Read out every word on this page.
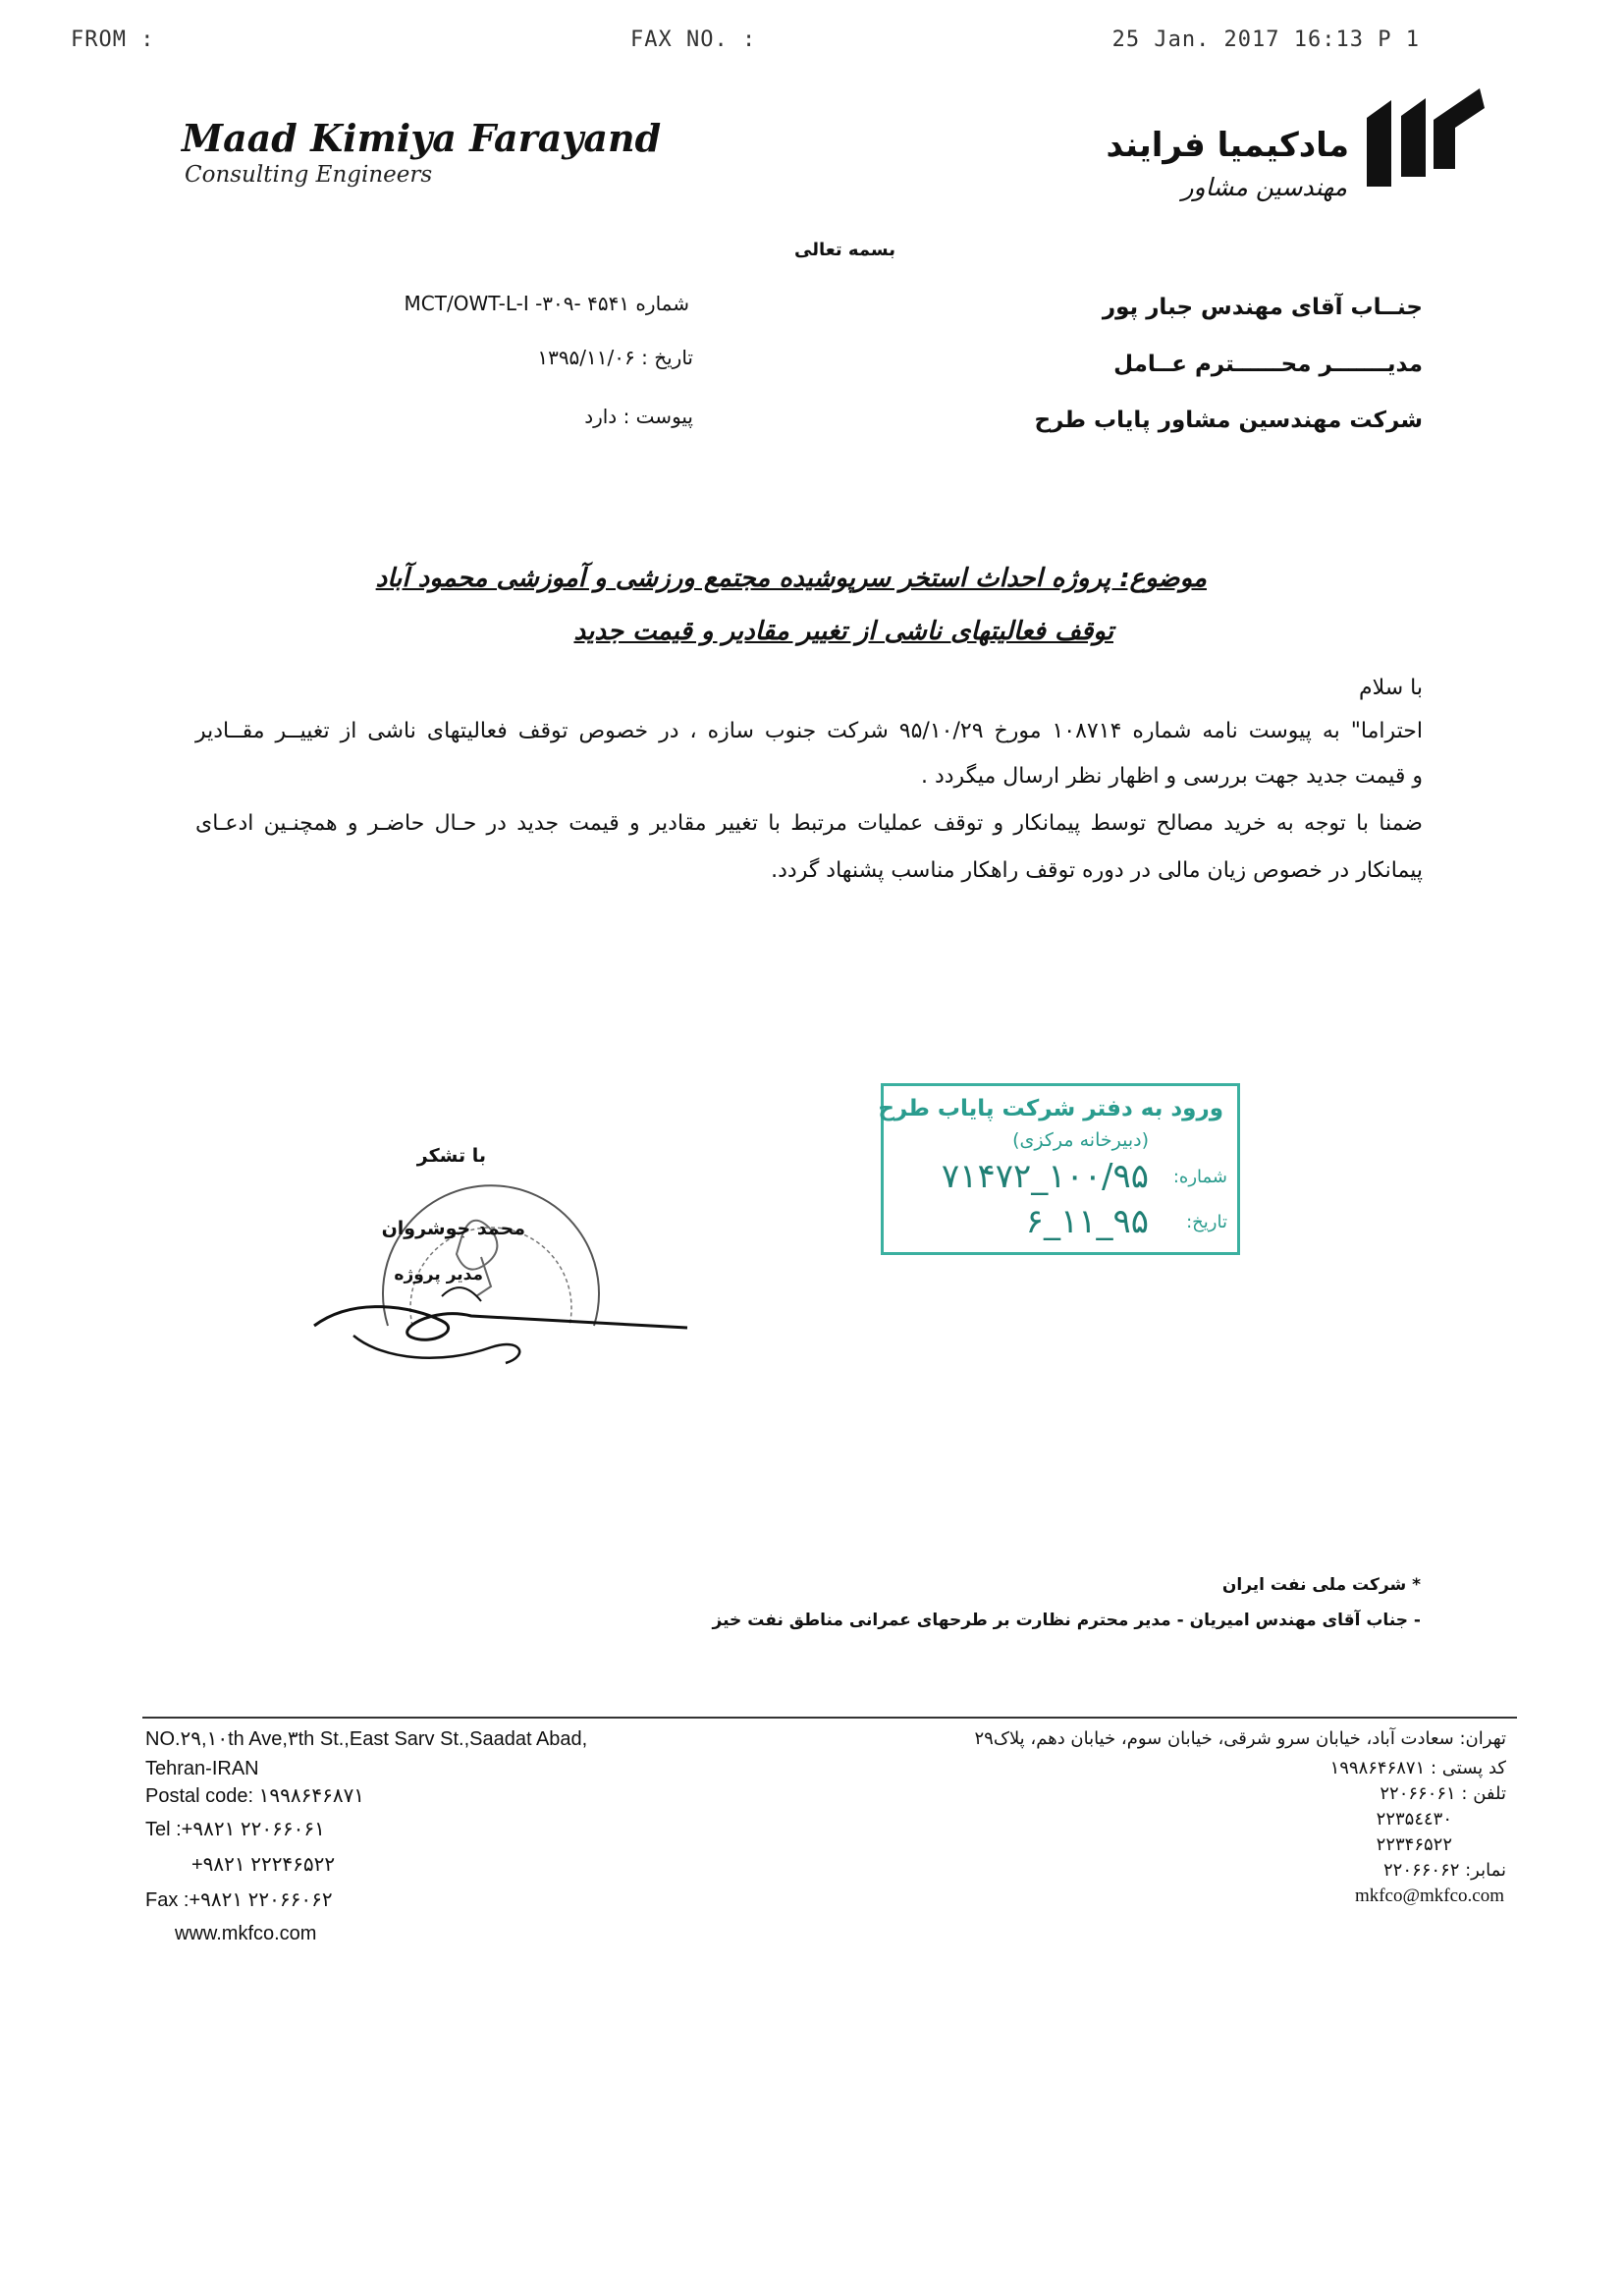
FROM :	FAX NO. :	25 Jan. 2017 16:13 P 1
Maad Kimiya Farayand
Consulting Engineers
مادکیمیا فرایند
مهندسین مشاور
بسمه تعالی
شماره ۴۵۴۱ -MCT/OWT-L-I -۳۰۹
تاریخ : ۱۳۹۵/۱۱/۰۶
پیوست : دارد
جنــاب آقای مهندس جبار پور
مدیـــــــر محــــــترم عــامل
شرکت مهندسین مشاور پایاب طرح
موضوع: پروژه احداث استخر سرپوشیده مجتمع ورزشی و آموزشی محمود آباد
توقف فعالیتهای ناشی از تغییر مقادیر و قیمت جدید
با سلام
احتراما" به پیوست نامه شماره ۱۰۸۷۱۴ مورخ ۹۵/۱۰/۲۹ شرکت جنوب سازه ، در خصوص توقف فعالیتهای ناشی از تغییــر مقــادیر
و قیمت جدید جهت بررسی و اظهار نظر ارسال میگردد .
ضمنا با توجه به خرید مصالح توسط پیمانکار و توقف عملیات مرتبط با تغییر مقادیر و قیمت جدید در حـال حاضـر و همچنـین ادعـای
پیمانکار در خصوص زیان مالی در دوره توقف راهکار مناسب پشنهاد گردد.
با تشکر
محمد جوشروان
مدیر پروژه
ورود به دفتر شرکت پایاب طرح
(دبیرخانه مرکزی)
شماره:
۱۰۰/۹۵_۷۱۴۷۲
تاریخ:
۹۵_۱۱_۶
* شرکت ملی نفت ایران
- جناب آقای مهندس امیریان - مدیر محترم نظارت بر طرحهای عمرانی مناطق نفت خیز
NO.۲۹,۱۰th Ave,۳th St.,East Sarv St.,Saadat Abad,
Tehran-IRAN
Postal code: ۱۹۹۸۶۴۶۸۷۱
Tel :+۹۸۲۱ ۲۲۰۶۶۰۶۱
+۹۸۲۱ ۲۲۲۴۶۵۲۲
Fax :+۹۸۲۱ ۲۲۰۶۶۰۶۲
www.mkfco.com
تهران: سعادت آباد، خیابان سرو شرقی، خیابان سوم، خیابان دهم، پلاک۲۹
کد پستی : ۱۹۹۸۶۴۶۸۷۱
تلفن : ۲۲۰۶۶۰۶۱
۲۲۳۵٤٤۳۰
۲۲۳۴۶۵۲۲
نمابر: ۲۲۰۶۶۰۶۲
mkfco@mkfco.com
